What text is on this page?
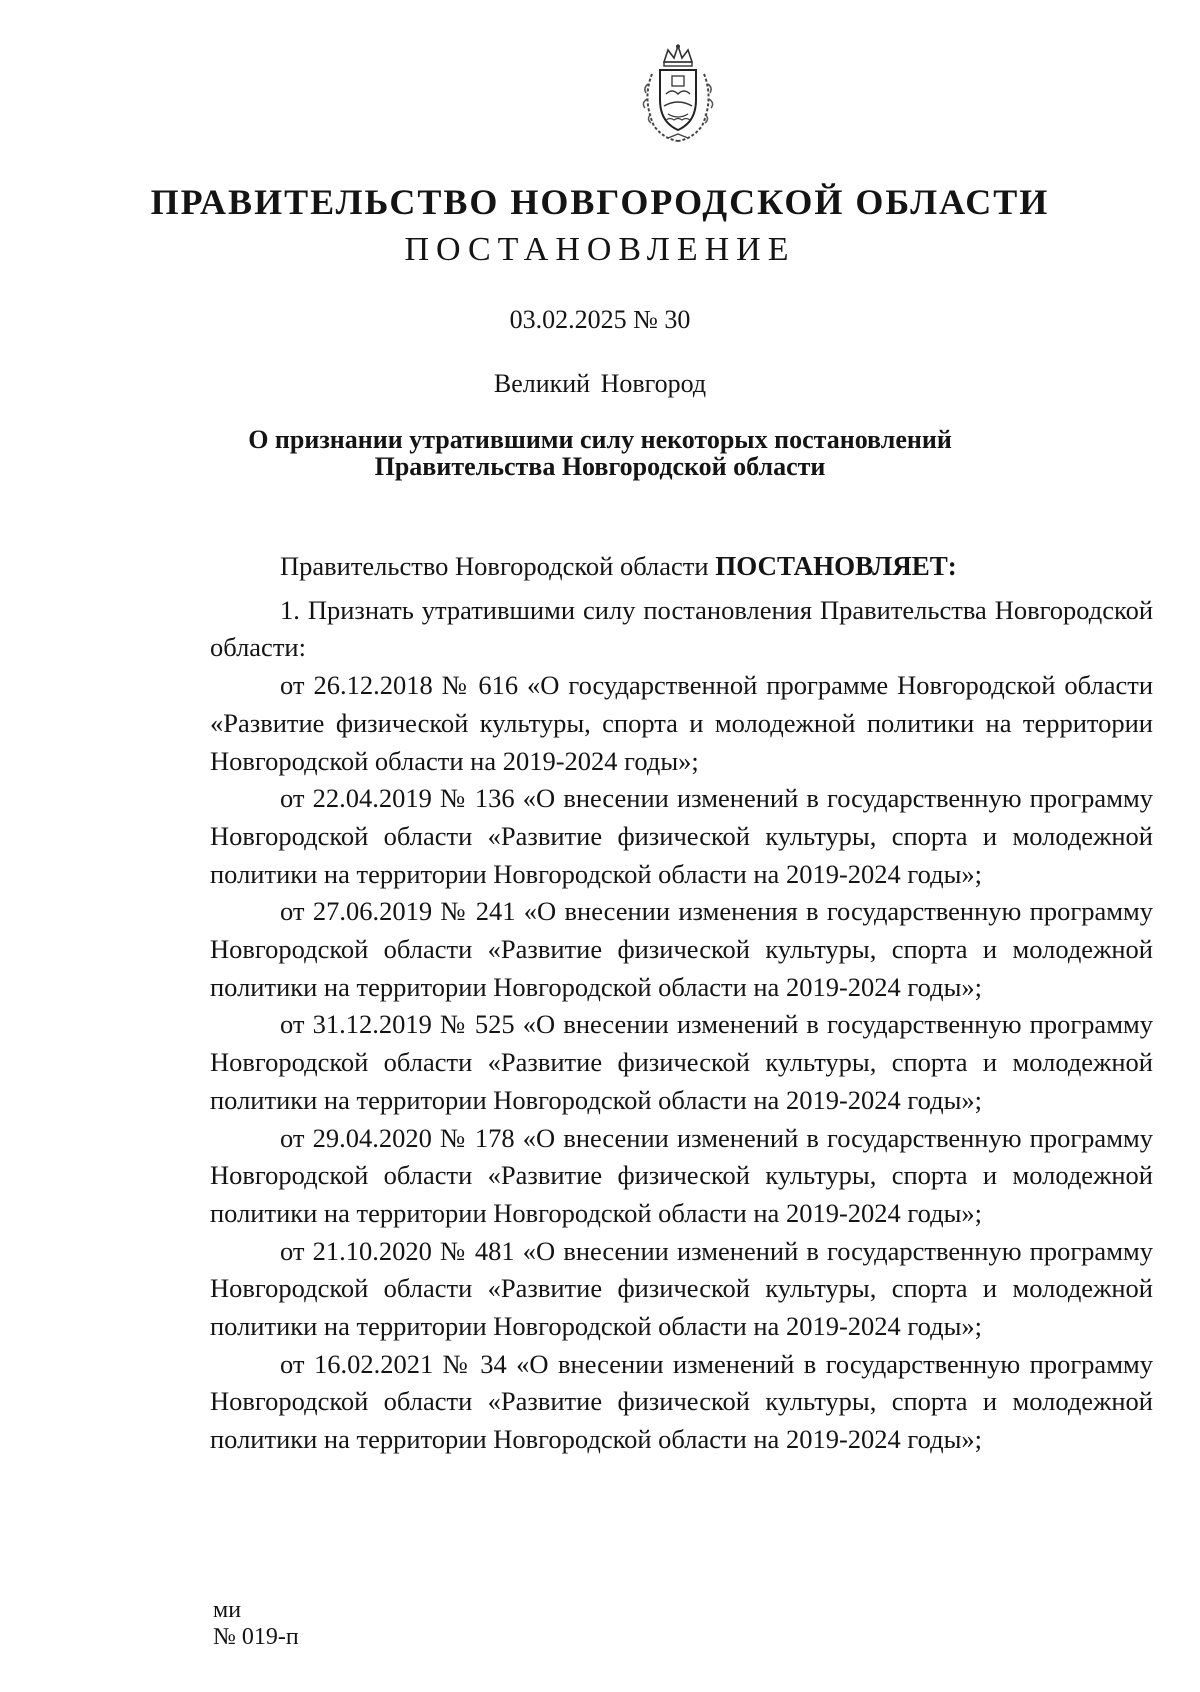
ПРАВИТЕЛЬСТВО НОВГОРОДСКОЙ ОБЛАСТИ
ПОСТАНОВЛЕНИЕ
03.02.2025 № 30
Великий Новгород
О признании утратившими силу некоторых постановлений
Правительства Новгородской области

Правительство Новгородской области ПОСТАНОВЛЯЕТ:

1. Признать утратившими силу постановления Правительства Новгородской области:

от 26.12.2018 № 616 «О государственной программе Новгородской области «Развитие физической культуры, спорта и молодежной политики на территории Новгородской области на 2019-2024 годы»;

от 22.04.2019 № 136 «О внесении изменений в государственную программу Новгородской области «Развитие физической культуры, спорта и молодежной политики на территории Новгородской области на 2019-2024 годы»;

от 27.06.2019 № 241 «О внесении изменения в государственную программу Новгородской области «Развитие физической культуры, спорта и молодежной политики на территории Новгородской области на 2019-2024 годы»;

от 31.12.2019 № 525 «О внесении изменений в государственную программу Новгородской области «Развитие физической культуры, спорта и молодежной политики на территории Новгородской области на 2019-2024 годы»;

от 29.04.2020 № 178 «О внесении изменений в государственную программу Новгородской области «Развитие физической культуры, спорта и молодежной политики на территории Новгородской области на 2019-2024 годы»;

от 21.10.2020 № 481 «О внесении изменений в государственную программу Новгородской области «Развитие физической культуры, спорта и молодежной политики на территории Новгородской области на 2019-2024 годы»;

от 16.02.2021 № 34 «О внесении изменений в государственную программу Новгородской области «Развитие физической культуры, спорта и молодежной политики на территории Новгородской области на 2019-2024 годы»;

ми
№ 019-п
